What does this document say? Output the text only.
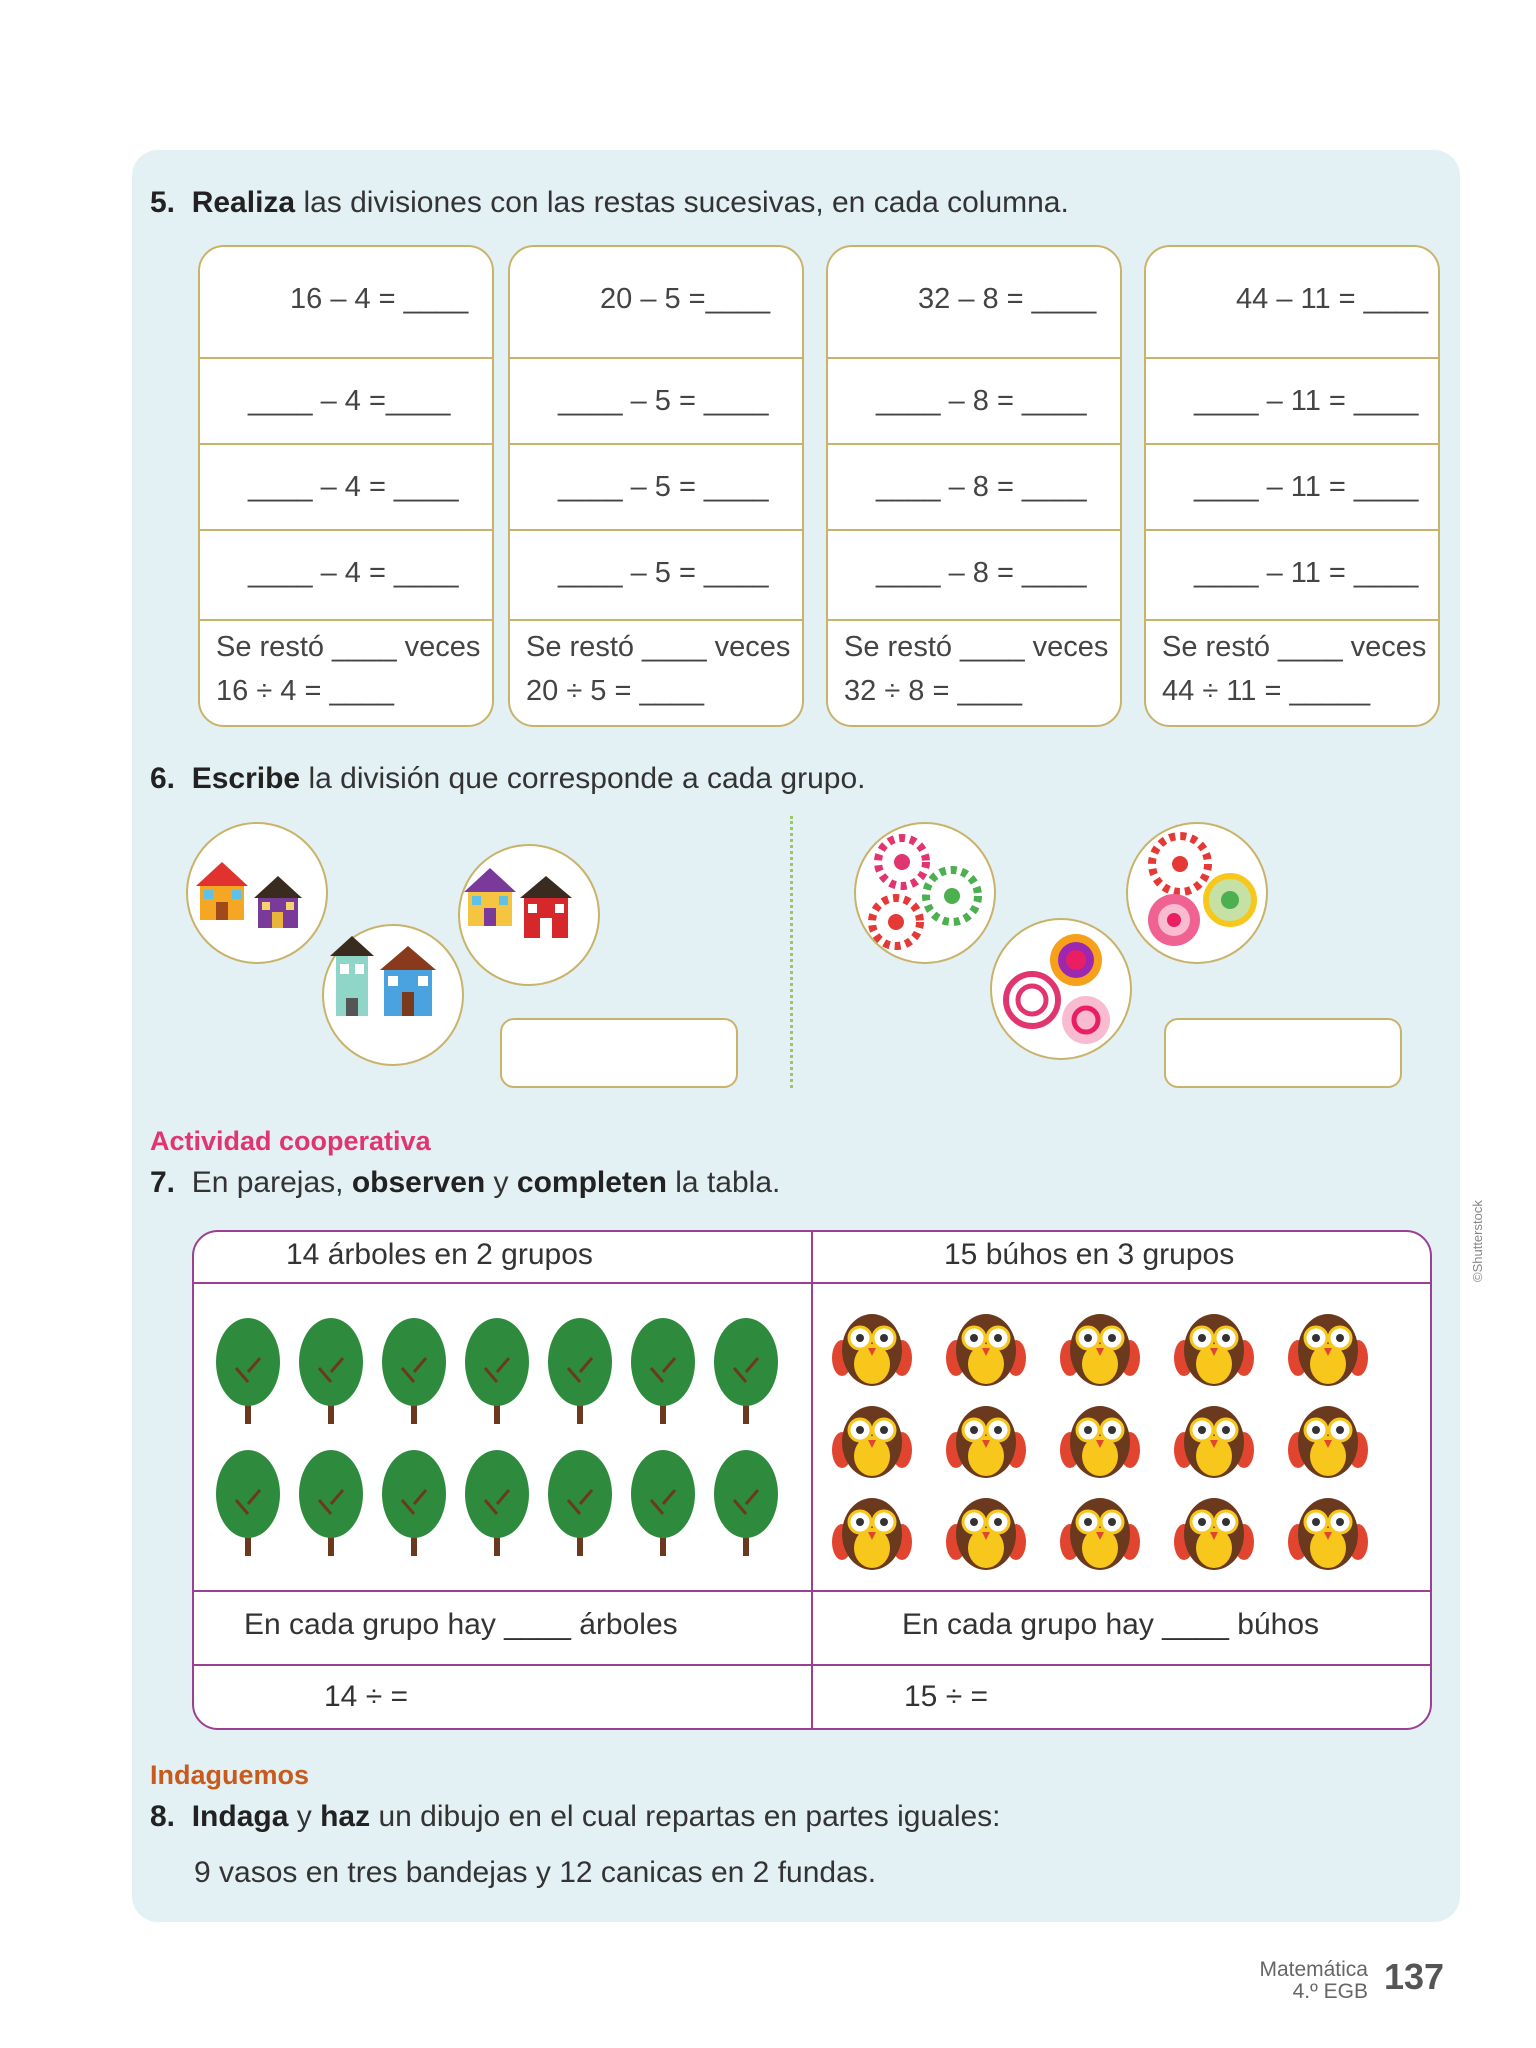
5. Realiza las divisiones con las restas sucesivas, en cada columna.
16 – 4 = ____
____ – 4 =____
____ – 4 = ____
____ – 4 = ____
Se restó ____ veces
16 ÷ 4 = ____
20 – 5 =____
____ – 5 = ____
____ – 5 = ____
____ – 5 = ____
Se restó ____ veces
20 ÷ 5 = ____
32 – 8 = ____
____ – 8 = ____
____ – 8 = ____
____ – 8 = ____
Se restó ____ veces
32 ÷ 8 = ____
44 – 11 = ____
____ – 11 = ____
____ – 11 = ____
____ – 11 = ____
Se restó ____ veces
44 ÷ 11 = _____
6. Escribe la división que corresponde a cada grupo.
Actividad cooperativa
7. En parejas, observen y completen la tabla.
14 árboles en 2 grupos	15 búhos en 3 grupos
En cada grupo hay ____ árboles	En cada grupo hay ____ búhos
14 ÷ =	15 ÷ =
©Shutterstock
Indaguemos
8. Indaga y haz un dibujo en el cual repartas en partes iguales:
9 vasos en tres bandejas y 12 canicas en 2 fundas.
Matemática
4.º EGB 137
